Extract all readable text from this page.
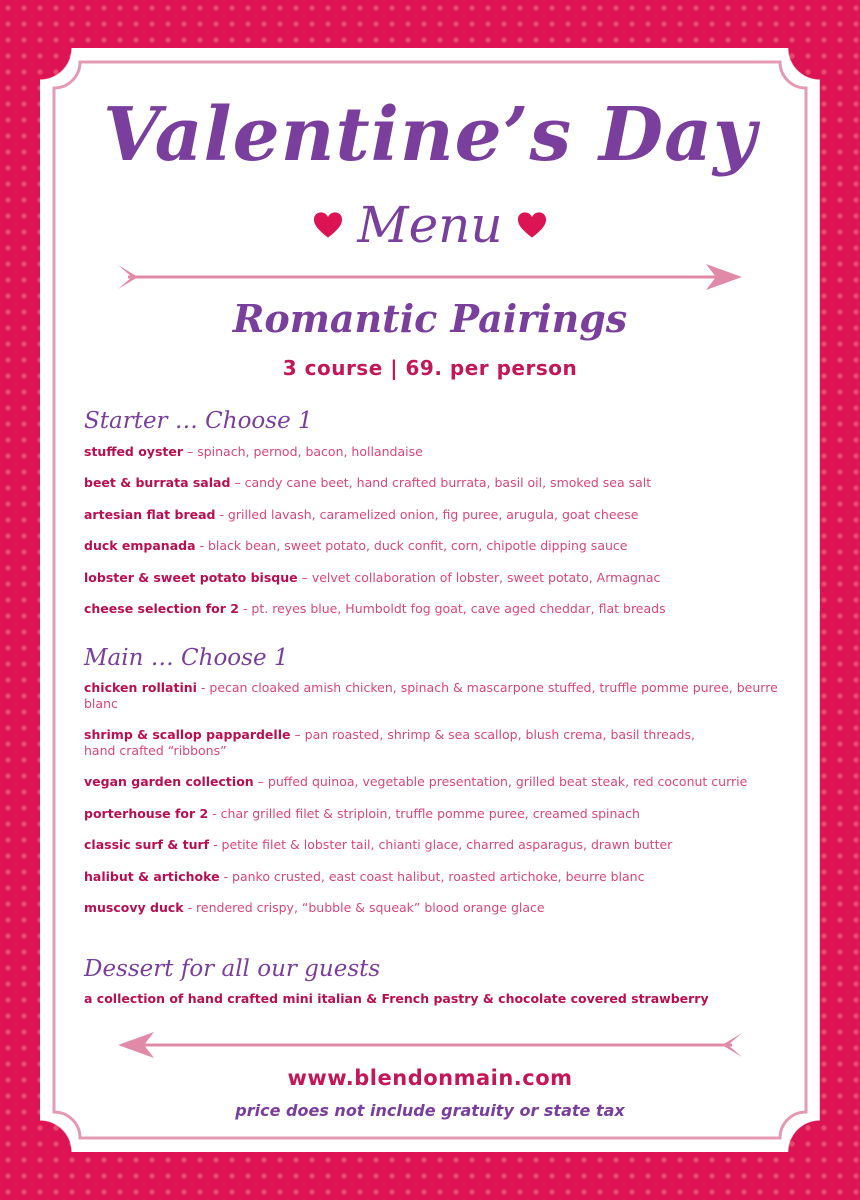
Valentine’s Day
Menu
Romantic Pairings
3 course | 69. per person
Starter … Choose 1
stuffed oyster – spinach, pernod, bacon, hollandaise
beet & burrata salad – candy cane beet, hand crafted burrata, basil oil, smoked sea salt
artesian flat bread - grilled lavash, caramelized onion, fig puree, arugula, goat cheese
duck empanada - black bean, sweet potato, duck confit, corn, chipotle dipping sauce
lobster & sweet potato bisque – velvet collaboration of lobster, sweet potato, Armagnac
cheese selection for 2 - pt. reyes blue, Humboldt fog goat, cave aged cheddar, flat breads
Main … Choose 1
chicken rollatini - pecan cloaked amish chicken, spinach & mascarpone stuffed, truffle pomme puree, beurre blanc
shrimp & scallop pappardelle – pan roasted, shrimp & sea scallop, blush crema, basil threads, hand crafted “ribbons”
vegan garden collection – puffed quinoa, vegetable presentation, grilled beat steak, red coconut currie
porterhouse for 2 - char grilled filet & striploin, truffle pomme puree, creamed spinach
classic surf & turf - petite filet & lobster tail, chianti glace, charred asparagus, drawn butter
halibut & artichoke - panko crusted, east coast halibut, roasted artichoke, beurre blanc
muscovy duck - rendered crispy, “bubble & squeak” blood orange glace
Dessert for all our guests
a collection of hand crafted mini italian & French pastry & chocolate covered strawberry
www.blendonmain.com
price does not include gratuity or state tax
